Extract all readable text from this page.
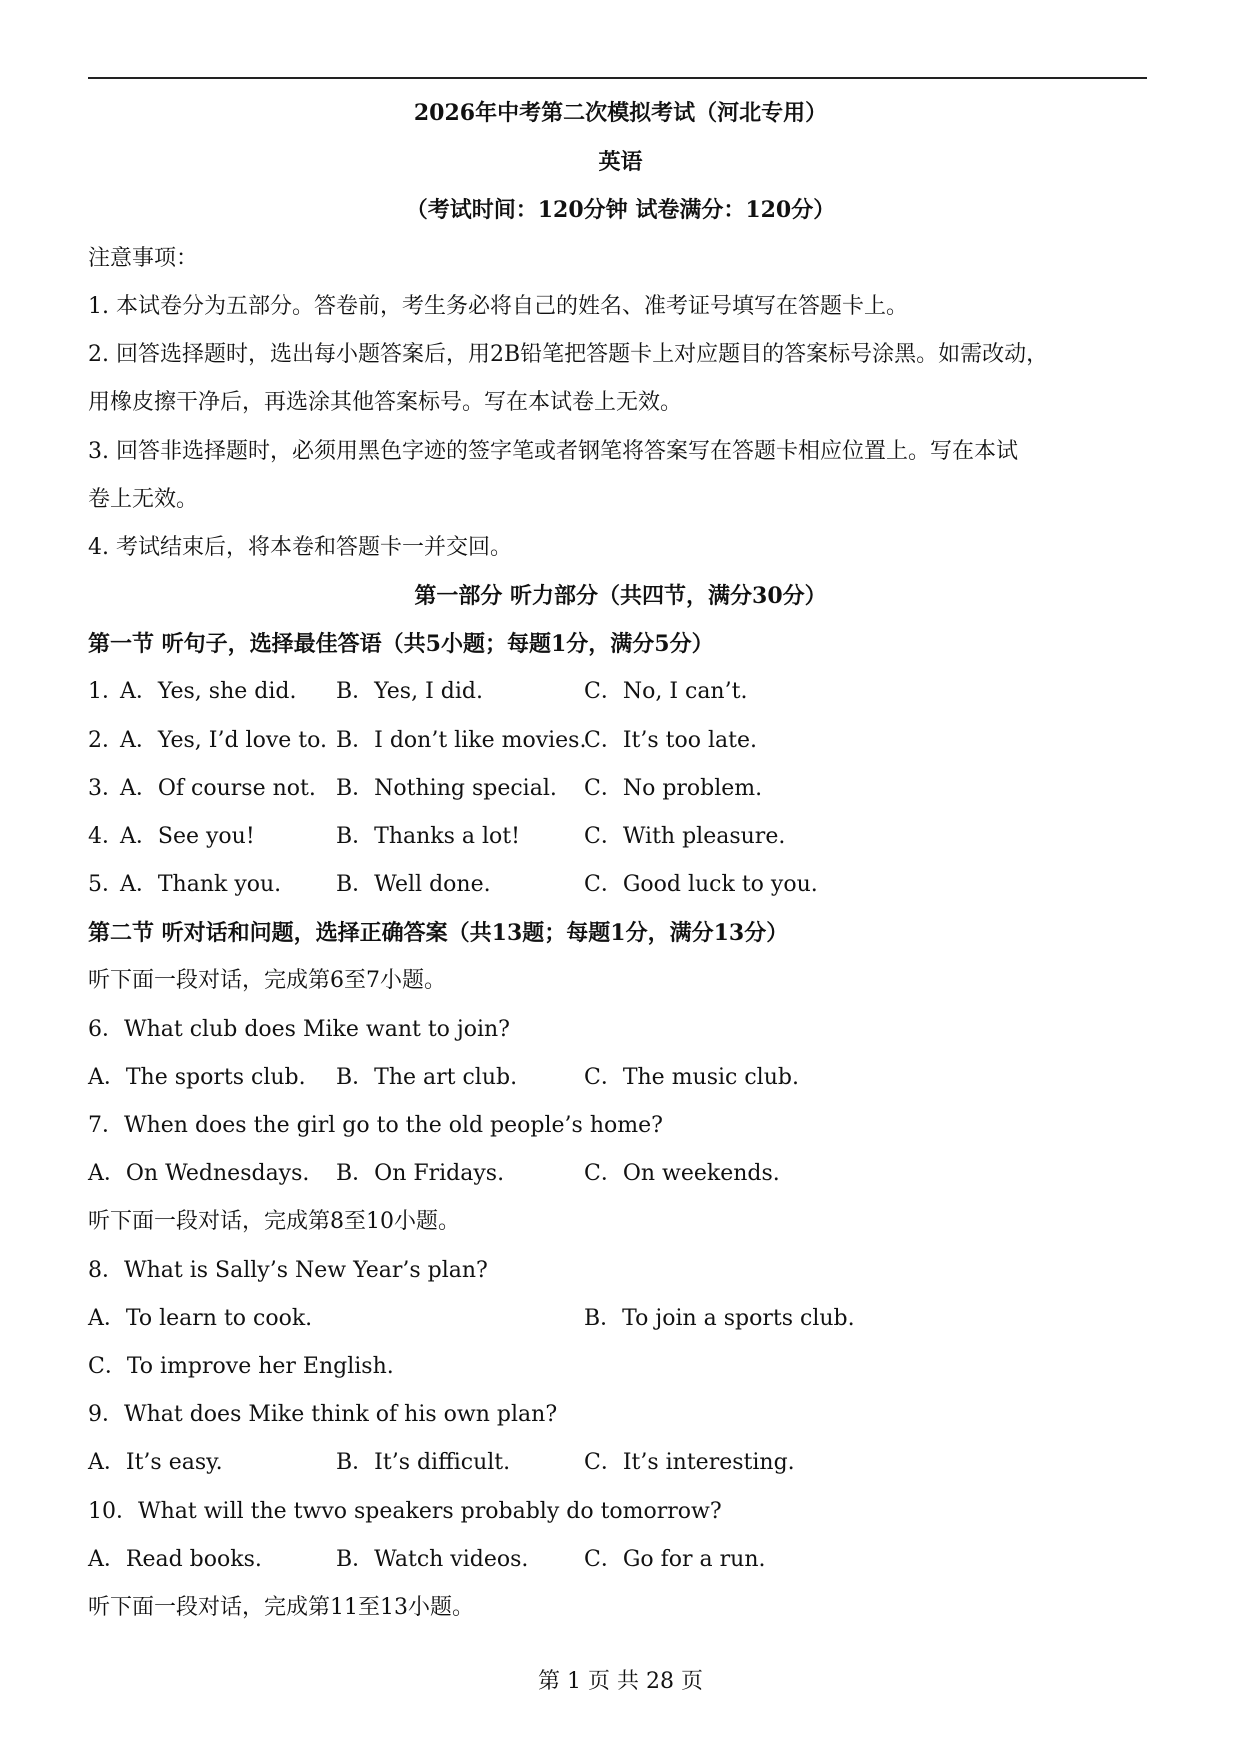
2026年中考第二次模拟考试（河北专用）
英语
（考试时间：120分钟 试卷满分：120分）
注意事项：
1. 本试卷分为五部分。答卷前，考生务必将自己的姓名、准考证号填写在答题卡上。
2. 回答选择题时，选出每小题答案后，用2B铅笔把答题卡上对应题目的答案标号涂黑。如需改动，
用橡皮擦干净后，再选涂其他答案标号。写在本试卷上无效。
3. 回答非选择题时，必须用黑色字迹的签字笔或者钢笔将答案写在答题卡相应位置上。写在本试
卷上无效。
4. 考试结束后，将本卷和答题卡一并交回。
第一部分 听力部分（共四节，满分30分）
第一节 听句子，选择最佳答语（共5小题；每题1分，满分5分）
1．
A．Yes, she did. B．Yes, I did.	C．No, I can’t.
2．
A．Yes, I’d love to. B．I don’t like movies.
C．It’s too late.
3．
A．Of course not. B．Nothing special. C．No problem.
4．
A．See you!	B．Thanks a lot!	C．With pleasure.
5．
A．Thank you. B．Well done.	C．Good luck to you.
第二节 听对话和问题，选择正确答案（共13题；每题1分，满分13分）
听下面一段对话，完成第6至7小题。
6．What club does Mike want to join?
A．The sports club. B．The art club.	C．The music club.
7．When does the girl go to the old people’s home?
A．On Wednesdays. B．On Fridays.	C．On weekends.
听下面一段对话，完成第8至10小题。
8．What is Sally’s New Year’s plan?
A．To learn to cook.	B．To join a sports club.
C．To improve her English.
9．What does Mike think of his own plan?
A．It’s easy.	B．It’s difficult.	C．It’s interesting.
10．What will the twvo speakers probably do tomorrow?
A．Read books.	B．Watch videos.	C．Go for a run.
听下面一段对话，完成第11至13小题。
第 1 页 共 28 页
